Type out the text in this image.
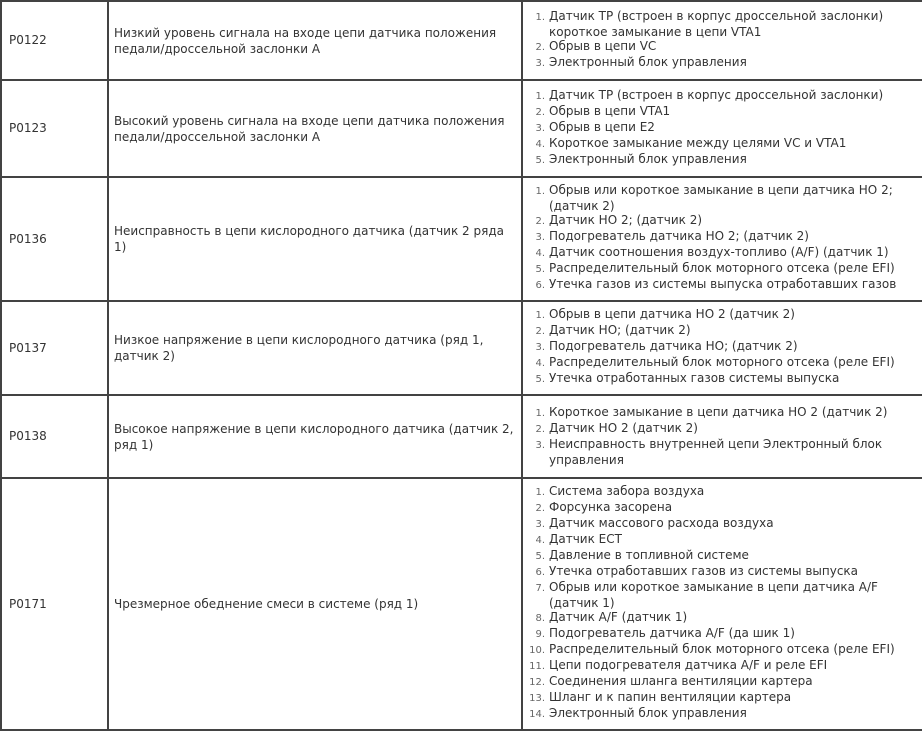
P0122	Низкий уровень сигнала на входе цепи датчика положения педали/дроссельной заслонки А	
Датчик ТР (встроен в корпус дроссельной заслонки) короткое замыкание в цепи VTA1
Обрыв в цепи VC
Электронный блок управления

P0123	Высокий уровень сигнала на входе цепи датчика положения педали/дроссельной заслонки А	
Датчик ТР (встроен в корпус дроссельной заслонки)
Обрыв в цепи VTA1
Обрыв в цепи Е2
Короткое замыкание между целями VC и VTA1
Электронный блок управления

P0136	Неисправность в цепи кислородного датчика (датчик 2 ряда 1)	
Обрыв или короткое замыкание в цепи датчика НО 2; (датчик 2)
Датчик НО 2; (датчик 2)
Подогреватель датчика НО 2; (датчик 2)
Датчик соотношения воздух-топливо (A/F) (датчик 1)
Распределительный блок моторного отсека (реле EFI)
Утечка газов из системы выпуска отработавших газов

P0137	Низкое напряжение в цепи кислородного датчика (ряд 1, датчик 2)	
Обрыв в цепи датчика НО 2 (датчик 2)
Датчик НО; (датчик 2)
Подогреватель датчика НО; (датчик 2)
Распределительный блок моторного отсека (реле EFI)
Утечка отработанных газов системы выпуска

P0138	Высокое напряжение в цепи кислородного датчика (датчик 2, ряд 1)	
Короткое замыкание в цепи датчика НО 2 (датчик 2)
Датчик НО 2 (датчик 2)
Неисправность внутренней цепи Электронный блок управления

P0171	Чрезмерное обеднение смеси в системе (ряд 1)	
Система забора воздуха
Форсунка засорена
Датчик массового расхода воздуха
Датчик ECT
Давление в топливной системе
Утечка отработавших газов из системы выпуска
Обрыв или короткое замыкание в цепи датчика A/F (датчик 1)
Датчик A/F (датчик 1)
Подогреватель датчика A/F (да шик 1)
Распределительный блок моторного отсека (реле EFI)
Цепи подогревателя датчика A/F и реле EFI
Соединения шланга вентиляции картера
Шланг и к папин вентиляции картера
Электронный блок управления
